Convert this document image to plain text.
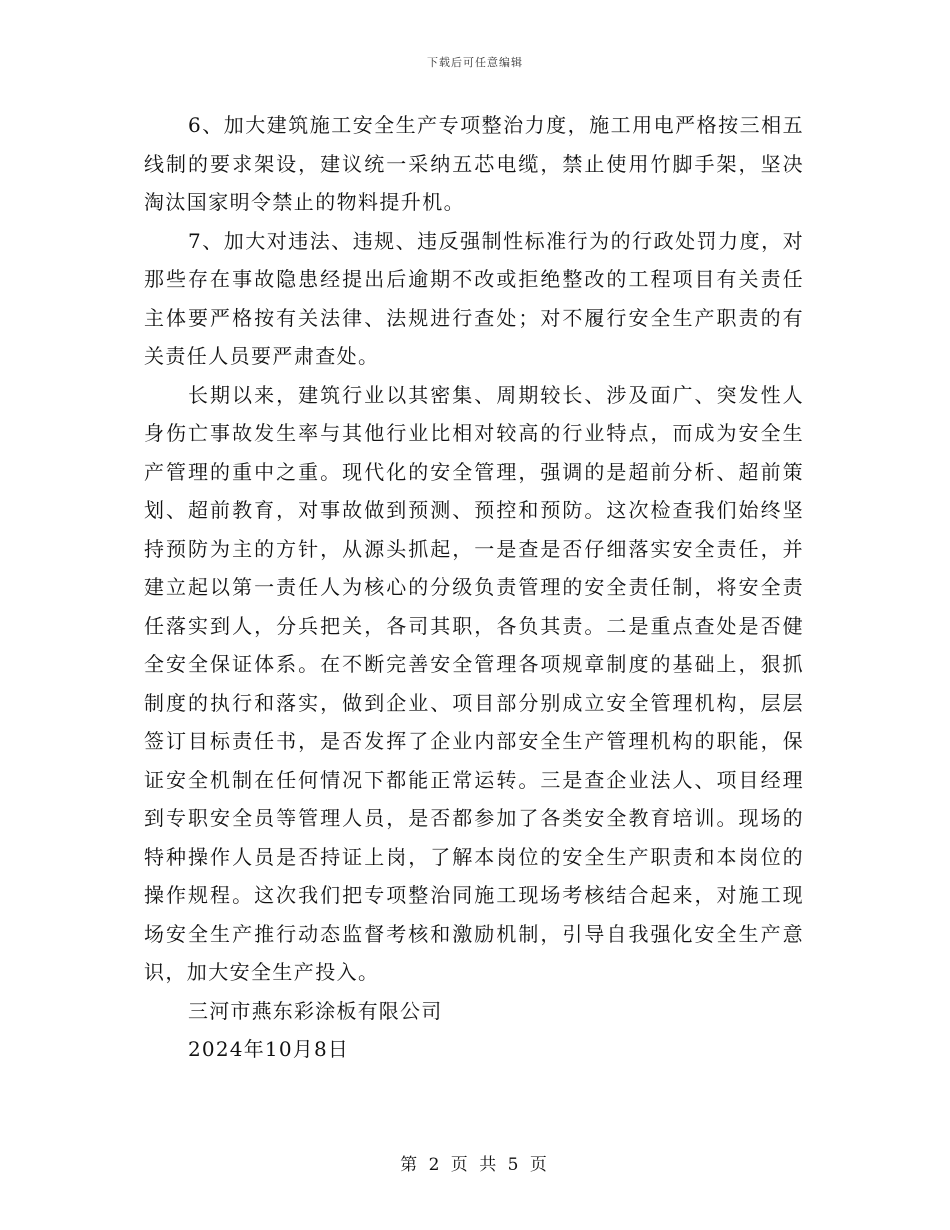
下载后可任意编辑

6、加大建筑施工安全生产专项整治力度，施工用电严格按三相五线制的要求架设，建议统一采纳五芯电缆，禁止使用竹脚手架，坚决淘汰国家明令禁止的物料提升机。

7、加大对违法、违规、违反强制性标准行为的行政处罚力度，对那些存在事故隐患经提出后逾期不改或拒绝整改的工程项目有关责任主体要严格按有关法律、法规进行查处；对不履行安全生产职责的有关责任人员要严肃查处。

长期以来，建筑行业以其密集、周期较长、涉及面广、突发性人身伤亡事故发生率与其他行业比相对较高的行业特点，而成为安全生产管理的重中之重。现代化的安全管理，强调的是超前分析、超前策划、超前教育，对事故做到预测、预控和预防。这次检查我们始终坚持预防为主的方针，从源头抓起，一是查是否仔细落实安全责任，并建立起以第一责任人为核心的分级负责管理的安全责任制，将安全责任落实到人，分兵把关，各司其职，各负其责。二是重点查处是否健全安全保证体系。在不断完善安全管理各项规章制度的基础上，狠抓制度的执行和落实，做到企业、项目部分别成立安全管理机构，层层签订目标责任书，是否发挥了企业内部安全生产管理机构的职能，保证安全机制在任何情况下都能正常运转。三是查企业法人、项目经理到专职安全员等管理人员，是否都参加了各类安全教育培训。现场的特种操作人员是否持证上岗，了解本岗位的安全生产职责和本岗位的操作规程。这次我们把专项整治同施工现场考核结合起来，对施工现场安全生产推行动态监督考核和激励机制，引导自我强化安全生产意识，加大安全生产投入。

三河市燕东彩涂板有限公司

2024年10月8日

第 2 页 共 5 页
